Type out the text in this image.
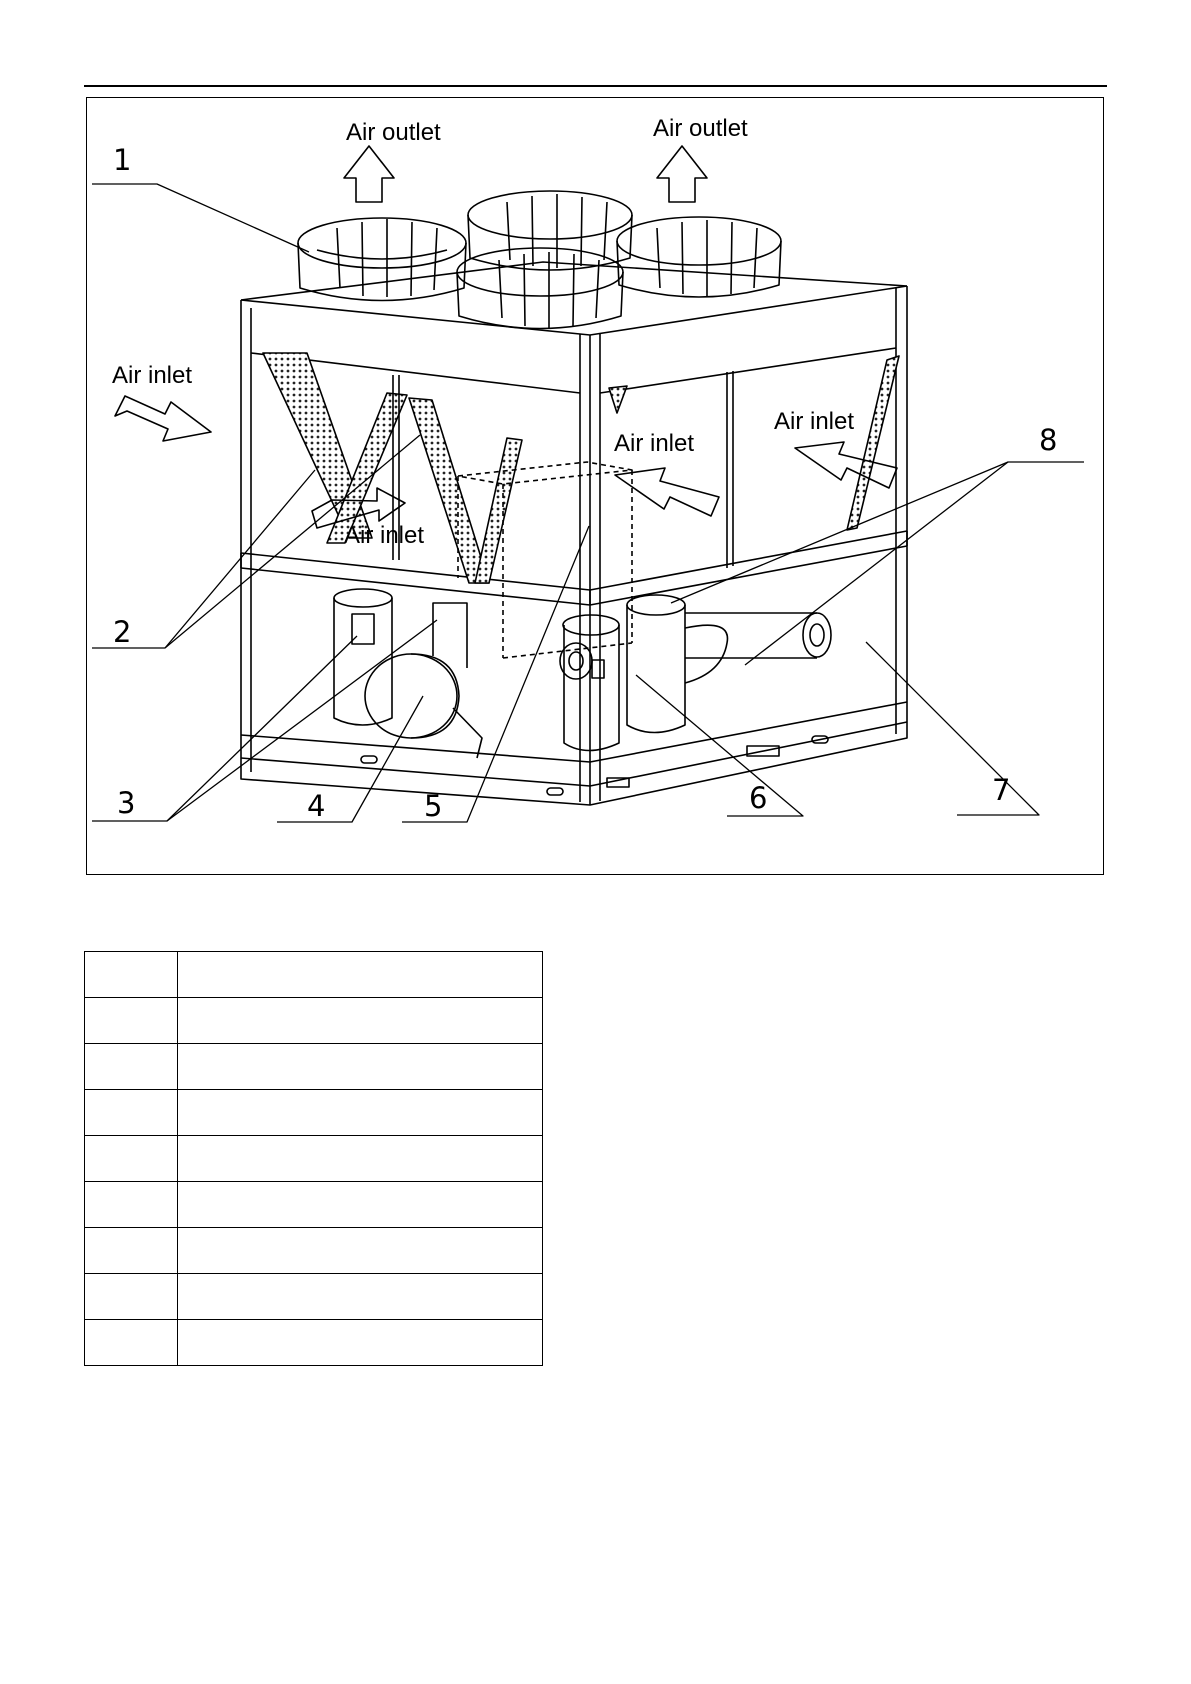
Air outlet	Air outlet
Air inlet
Air inlet
Air inlet
Air inlet
1
2
3	4	5	6	7
8
